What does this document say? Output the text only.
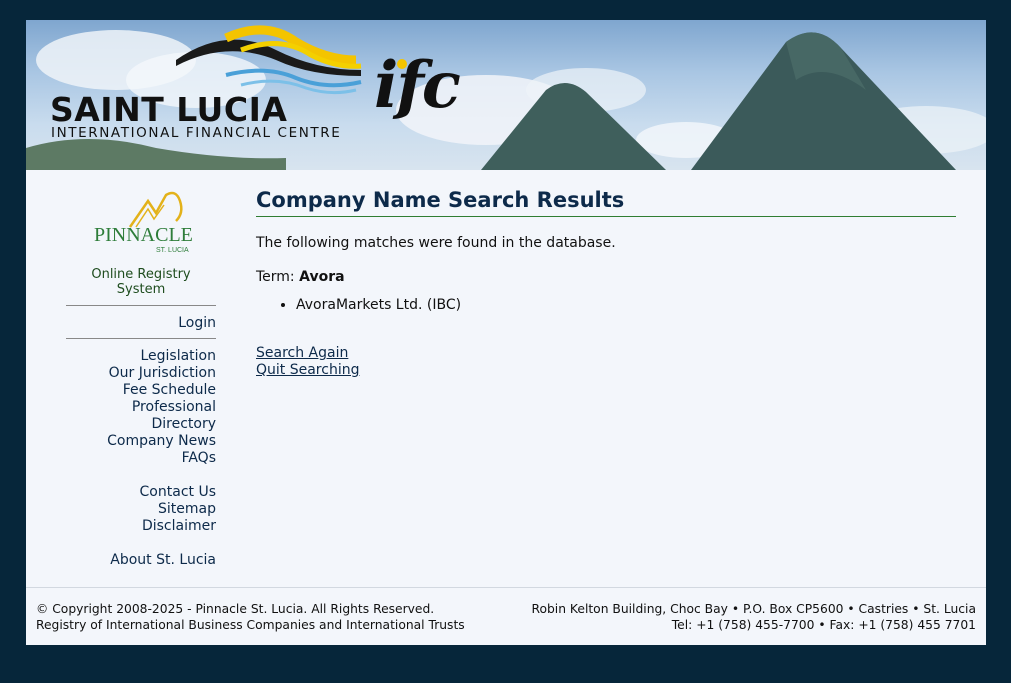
SAINT LUCIA
INTERNATIONAL FINANCIAL CENTRE
ifc
PINNACLE
ST. LUCIA
Online Registry System
Login
Legislation
Our Jurisdiction
Fee Schedule
Professional Directory
Company News
FAQs
Contact Us
Sitemap
Disclaimer
About St. Lucia
Company Name Search Results
The following matches were found in the database.
Term: Avora
• AvoraMarkets Ltd. (IBC)
Search Again
Quit Searching
© Copyright 2008-2025 - Pinnacle St. Lucia. All Rights Reserved.
Registry of International Business Companies and International Trusts
Robin Kelton Building, Choc Bay • P.O. Box CP5600 • Castries • St. Lucia
Tel: +1 (758) 455-7700 • Fax: +1 (758) 455 7701
